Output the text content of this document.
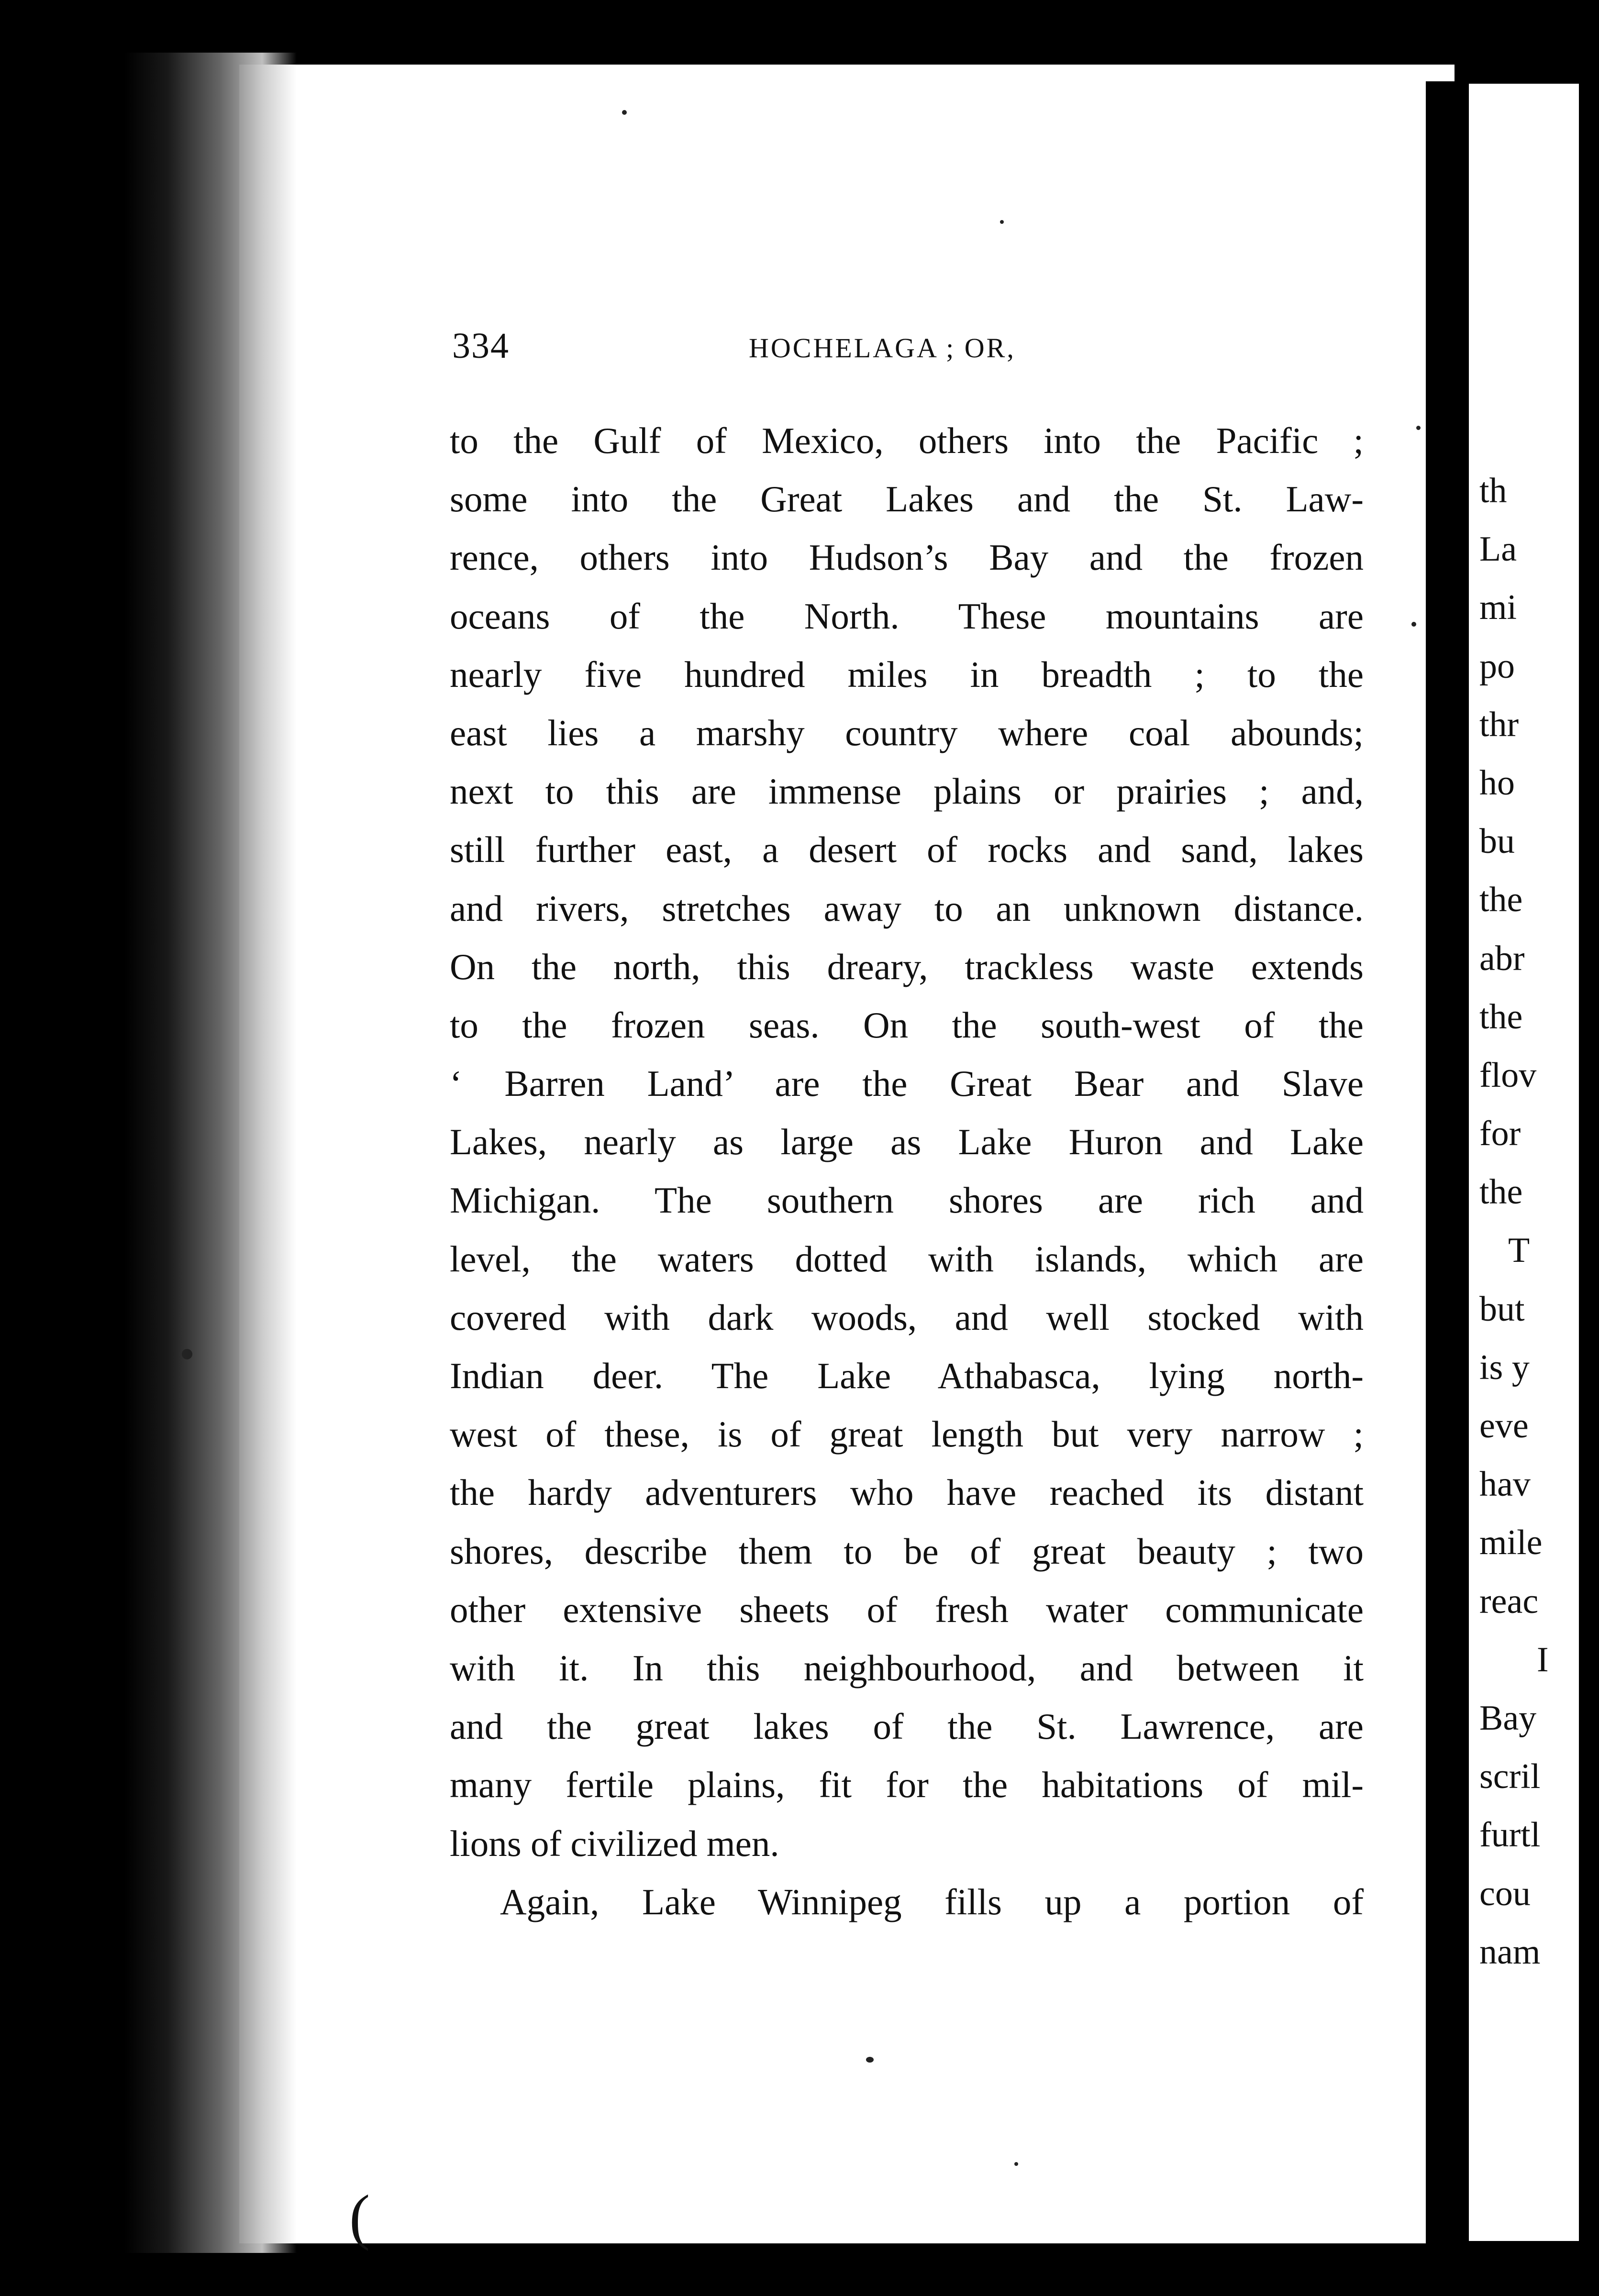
334	HOCHELAGA ; OR,
to the Gulf of Mexico, others into the Pacific ;
some into the Great Lakes and the St. Law-
rence, others into Hudson’s Bay and the frozen
oceans of the North. These mountains are
nearly five hundred miles in breadth ; to the
east lies a marshy country where coal abounds;
next to this are immense plains or prairies ; and,
still further east, a desert of rocks and sand, lakes
and rivers, stretches away to an unknown distance.
On the north, this dreary, trackless waste extends
to the frozen seas. On the south-west of the
‘ Barren Land’ are the Great Bear and Slave
Lakes, nearly as large as Lake Huron and Lake
Michigan. The southern shores are rich and
level, the waters dotted with islands, which are
covered with dark woods, and well stocked with
Indian deer. The Lake Athabasca, lying north-
west of these, is of great length but very narrow ;
the hardy adventurers who have reached its distant
shores, describe them to be of great beauty ; two
other extensive sheets of fresh water communicate
with it. In this neighbourhood, and between it
and the great lakes of the St. Lawrence, are
many fertile plains, fit for the habitations of mil-
lions of civilized men.
Again, Lake Winnipeg fills up a portion of
th
La
mi
po
thr
ho
bu
the
abr
the
flov
for
the
T
but
is y
eve
hav
mile
reac
I
Bay
scril
furtl
cou
nam
(
